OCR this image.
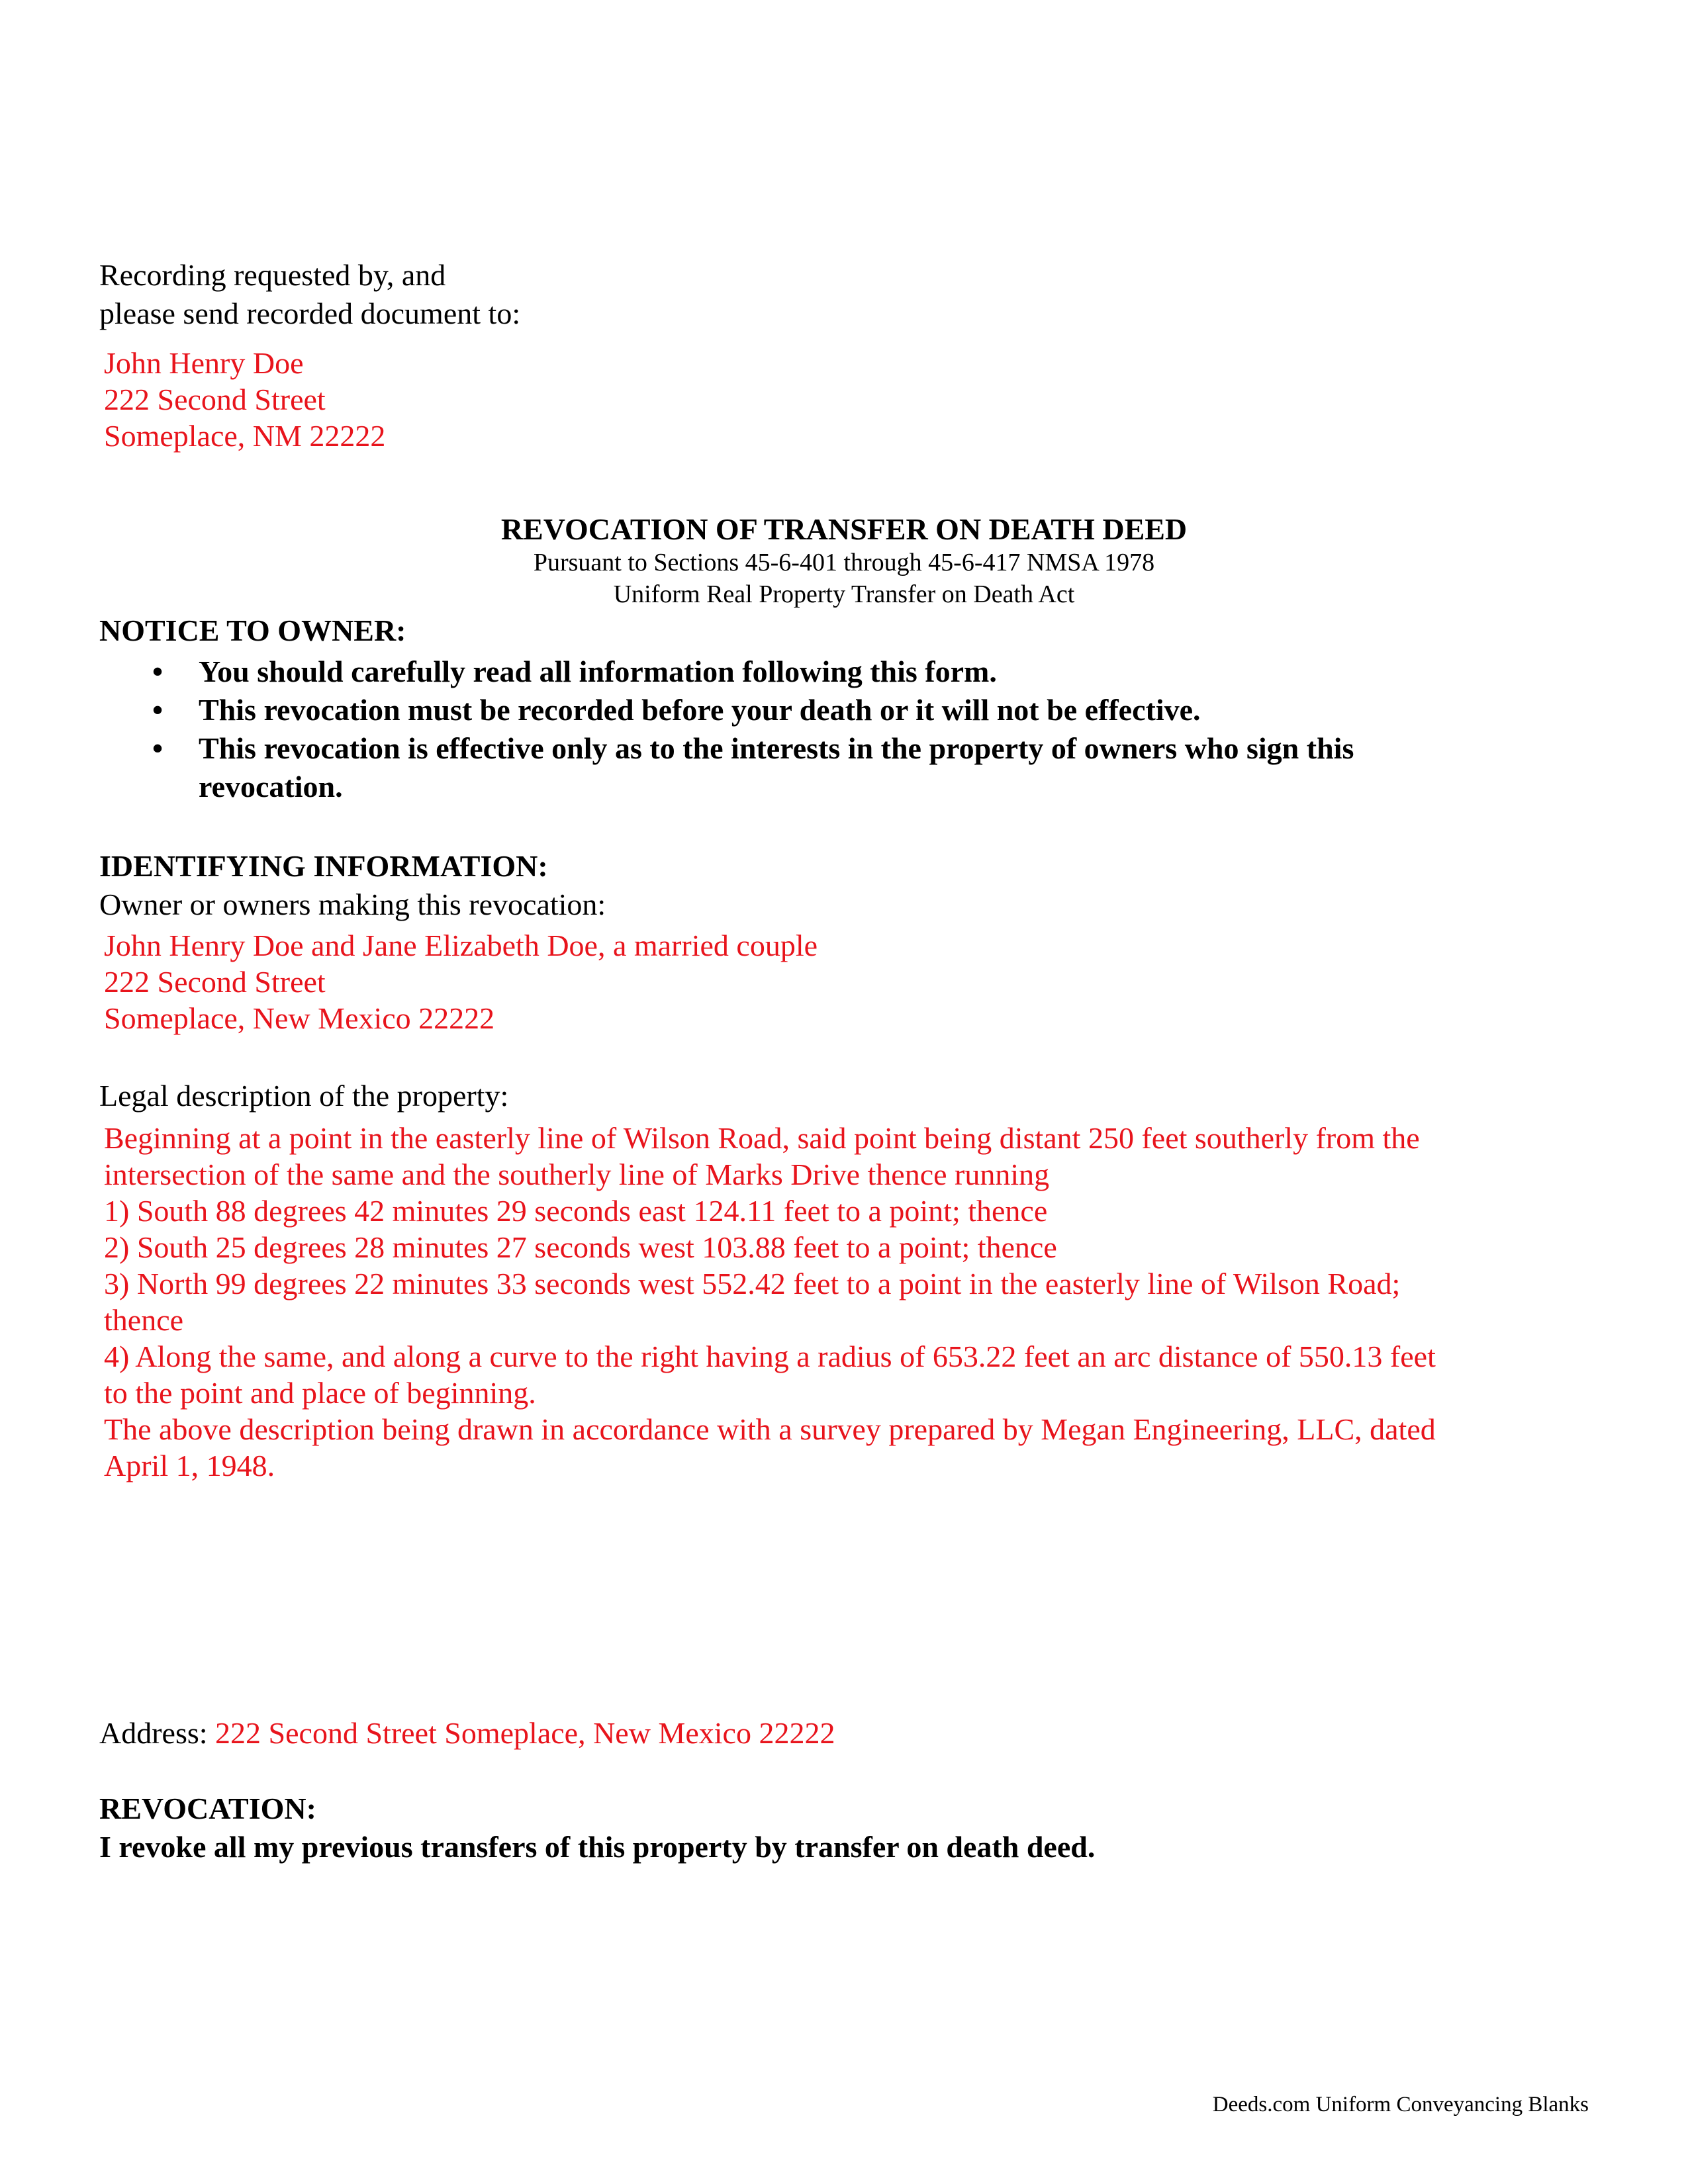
Recording requested by, and

please send recorded document to:

John Henry Doe
222 Second Street
Someplace, NM 22222
REVOCATION OF TRANSFER ON DEATH DEED
Pursuant to Sections 45-6-401 through 45-6-417 NMSA 1978
Uniform Real Property Transfer on Death Act

NOTICE TO OWNER:

• You should carefully read all information following this form.
• This revocation must be recorded before your death or it will not be effective.
• This revocation is effective only as to the interests in the property of owners who sign this revocation.

IDENTIFYING INFORMATION:

Owner or owners making this revocation:

John Henry Doe and Jane Elizabeth Doe, a married couple
222 Second Street
Someplace, New Mexico 22222

Legal description of the property:

Beginning at a point in the easterly line of Wilson Road, said point being distant 250 feet southerly from the
intersection of the same and the southerly line of Marks Drive thence running
1) South 88 degrees 42 minutes 29 seconds east 124.11 feet to a point; thence
2) South 25 degrees 28 minutes 27 seconds west 103.88 feet to a point; thence
3) North 99 degrees 22 minutes 33 seconds west 552.42 feet to a point in the easterly line of Wilson Road;
thence
4) Along the same, and along a curve to the right having a radius of 653.22 feet an arc distance of 550.13 feet
to the point and place of beginning.
The above description being drawn in accordance with a survey prepared by Megan Engineering, LLC, dated
April 1, 1948.

Address: 222 Second Street Someplace, New Mexico 22222

REVOCATION:

I revoke all my previous transfers of this property by transfer on death deed.

Deeds.com Uniform Conveyancing Blanks
